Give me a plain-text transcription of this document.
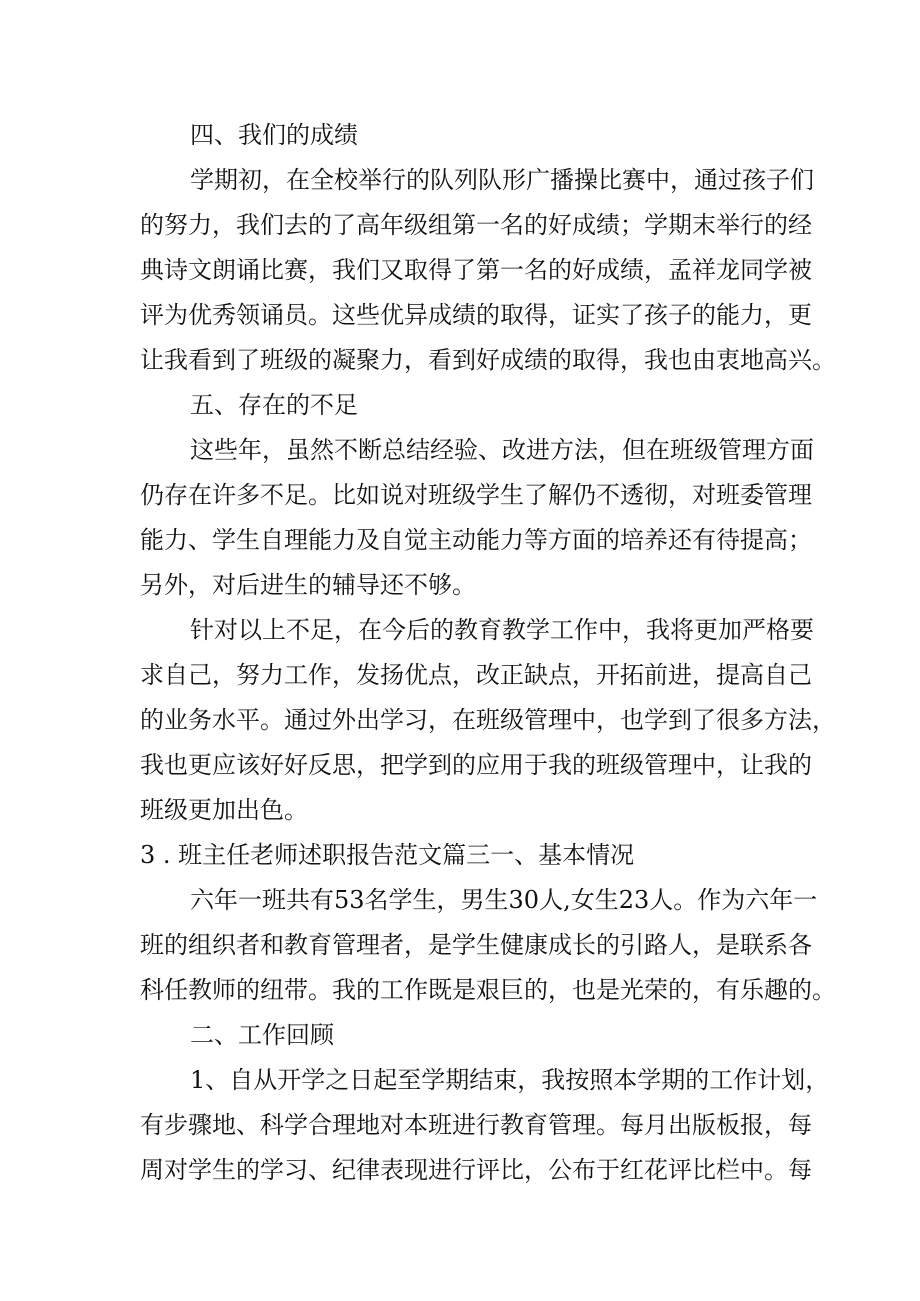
四、我们的成绩
学期初，在全校举行的队列队形广播操比赛中，通过孩子们
的努力，我们去的了高年级组第一名的好成绩；学期末举行的经
典诗文朗诵比赛，我们又取得了第一名的好成绩，孟祥龙同学被
评为优秀领诵员。这些优异成绩的取得，证实了孩子的能力，更
让我看到了班级的凝聚力，看到好成绩的取得，我也由衷地高兴。
五、存在的不足
这些年，虽然不断总结经验、改进方法，但在班级管理方面
仍存在许多不足。比如说对班级学生了解仍不透彻，对班委管理
能力、学生自理能力及自觉主动能力等方面的培养还有待提高；
另外，对后进生的辅导还不够。
针对以上不足，在今后的教育教学工作中，我将更加严格要
求自己，努力工作，发扬优点，改正缺点，开拓前进，提高自己
的业务水平。通过外出学习，在班级管理中，也学到了很多方法，
我也更应该好好反思，把学到的应用于我的班级管理中，让我的
班级更加出色。
3 . 班主任老师述职报告范文篇三一、基本情况
六年一班共有53名学生，男生30人,女生23人。作为六年一
班的组织者和教育管理者，是学生健康成长的引路人，是联系各
科任教师的纽带。我的工作既是艰巨的，也是光荣的，有乐趣的。
二、工作回顾
1、自从开学之日起至学期结束，我按照本学期的工作计划，
有步骤地、科学合理地对本班进行教育管理。每月出版板报，每
周对学生的学习、纪律表现进行评比，公布于红花评比栏中。每
